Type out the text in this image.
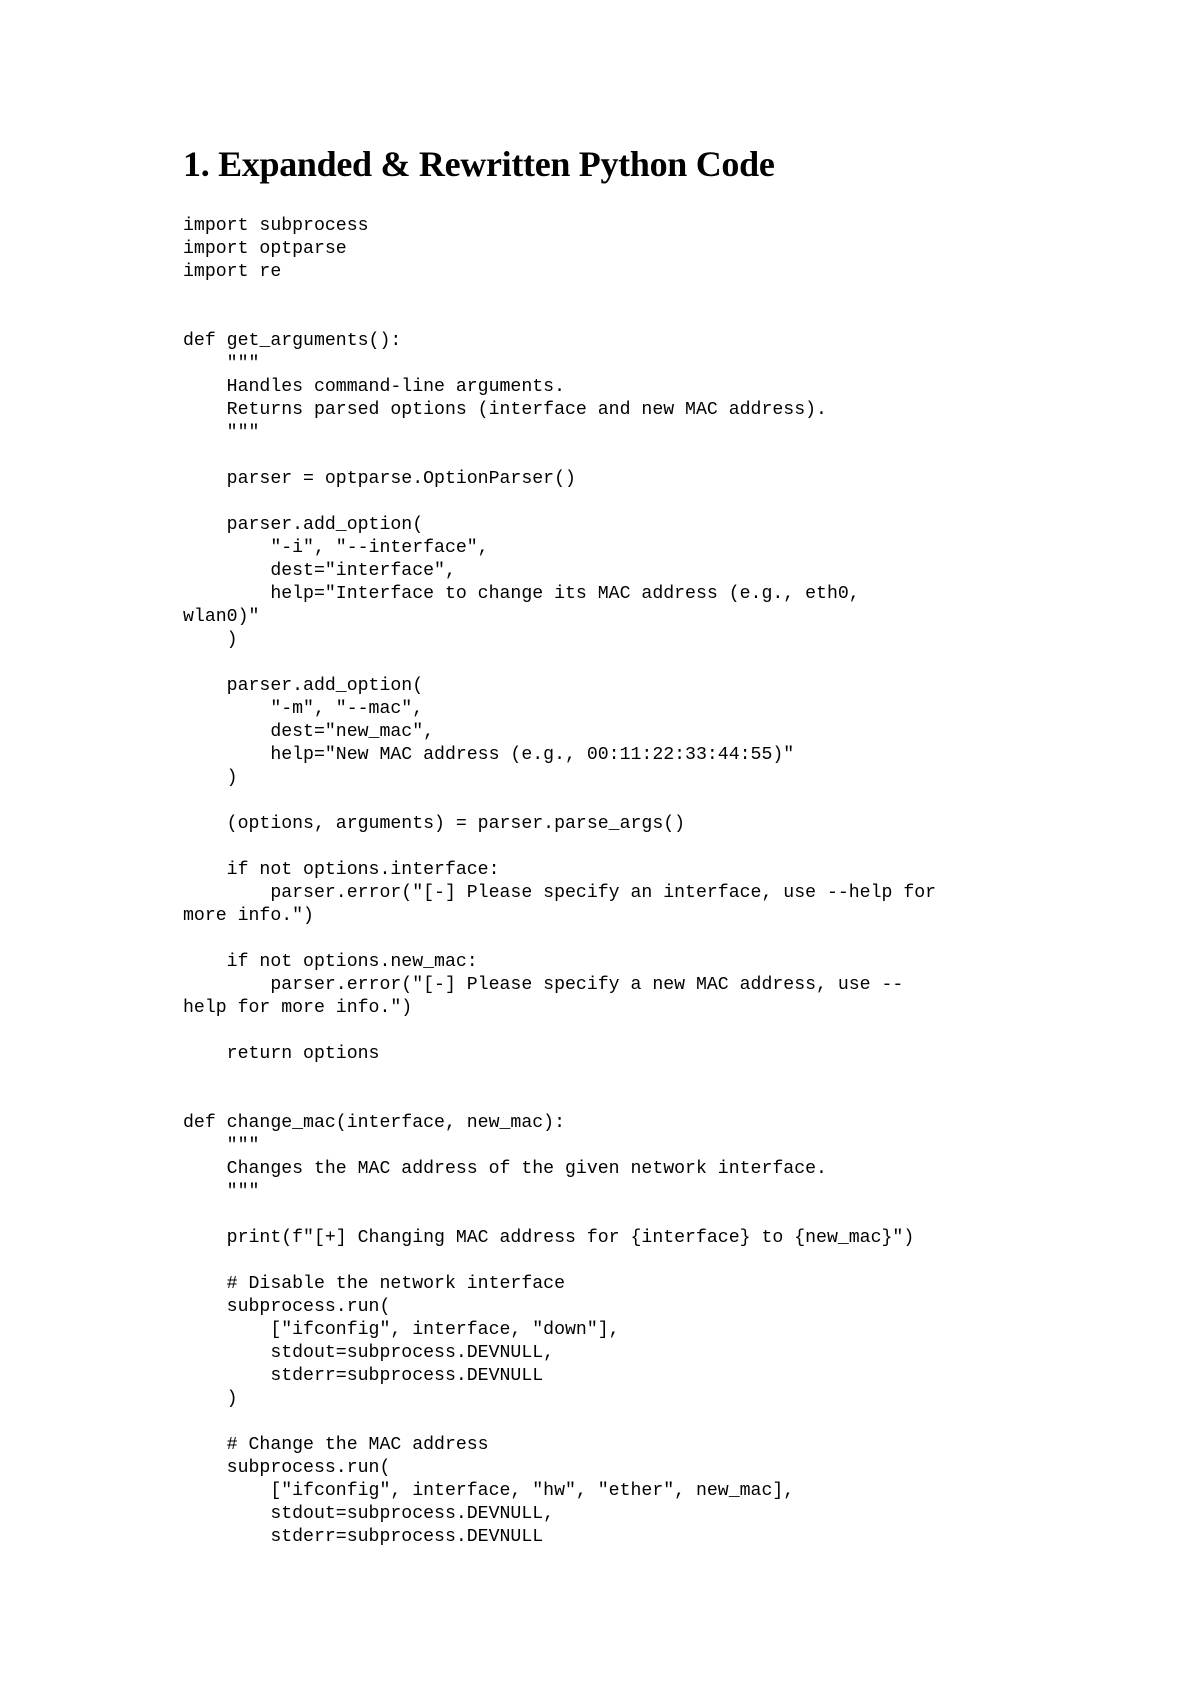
1. Expanded & Rewritten Python Code
import subprocess
import optparse
import re
def get_arguments():
"""
Handles command-line arguments.
Returns parsed options (interface and new MAC address).
"""
parser = optparse.OptionParser()
parser.add_option(
"-i", "--interface",
dest="interface",
help="Interface to change its MAC address (e.g., eth0,
wlan0)"
)
parser.add_option(
"-m", "--mac",
dest="new_mac",
help="New MAC address (e.g., 00:11:22:33:44:55)"
)
(options, arguments) = parser.parse_args()
if not options.interface:
parser.error("[-] Please specify an interface, use --help for
more info.")
if not options.new_mac:
parser.error("[-] Please specify a new MAC address, use --
help for more info.")
return options
def change_mac(interface, new_mac):
"""
Changes the MAC address of the given network interface.
"""
print(f"[+] Changing MAC address for {interface} to {new_mac}")
# Disable the network interface
subprocess.run(
["ifconfig", interface, "down"],
stdout=subprocess.DEVNULL,
stderr=subprocess.DEVNULL
)
# Change the MAC address
subprocess.run(
["ifconfig", interface, "hw", "ether", new_mac],
stdout=subprocess.DEVNULL,
stderr=subprocess.DEVNULL
